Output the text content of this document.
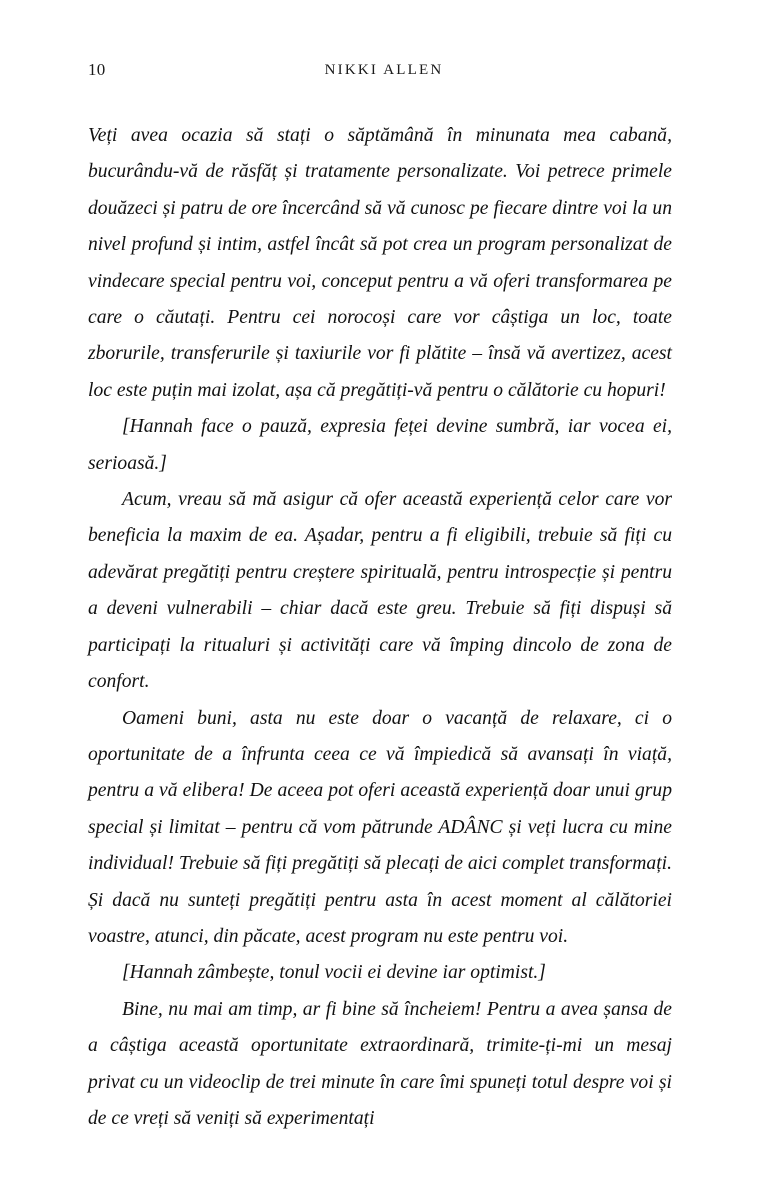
10	NIKKI ALLEN

Veți avea ocazia să stați o săptămână în minunata mea cabană, bucurându-vă de răsfăț și tratamente personalizate. Voi petrece primele douăzeci și patru de ore încercând să vă cunosc pe fiecare dintre voi la un nivel profund și intim, astfel încât să pot crea un program personalizat de vindecare special pentru voi, conceput pentru a vă oferi transformarea pe care o căutați. Pentru cei norocoși care vor câștiga un loc, toate zborurile, transferurile și taxiurile vor fi plătite – însă vă avertizez, acest loc este puțin mai izolat, așa că pregătiți-vă pentru o călătorie cu hopuri!

[Hannah face o pauză, expresia feței devine sumbră, iar vocea ei, serioasă.]

Acum, vreau să mă asigur că ofer această experiență celor care vor beneficia la maxim de ea. Așadar, pentru a fi eligibili, trebuie să fiți cu adevărat pregătiți pentru creștere spirituală, pentru introspecție și pentru a deveni vulnerabili – chiar dacă este greu. Trebuie să fiți dispuși să participați la ritualuri și activități care vă împing dincolo de zona de confort.

Oameni buni, asta nu este doar o vacanță de relaxare, ci o oportunitate de a înfrunta ceea ce vă împiedică să avansați în viață, pentru a vă elibera! De aceea pot oferi această experiență doar unui grup special și limitat – pentru că vom pătrunde ADÂNC și veți lucra cu mine individual! Trebuie să fiți pregătiți să plecați de aici complet transformați. Și dacă nu sunteți pregătiți pentru asta în acest moment al călătoriei voastre, atunci, din păcate, acest program nu este pentru voi.

[Hannah zâmbește, tonul vocii ei devine iar optimist.]

Bine, nu mai am timp, ar fi bine să încheiem! Pentru a avea șansa de a câștiga această oportunitate extraordinară, trimite-ți-mi un mesaj privat cu un videoclip de trei minute în care îmi spuneți totul despre voi și de ce vreți să veniți să experimentați
